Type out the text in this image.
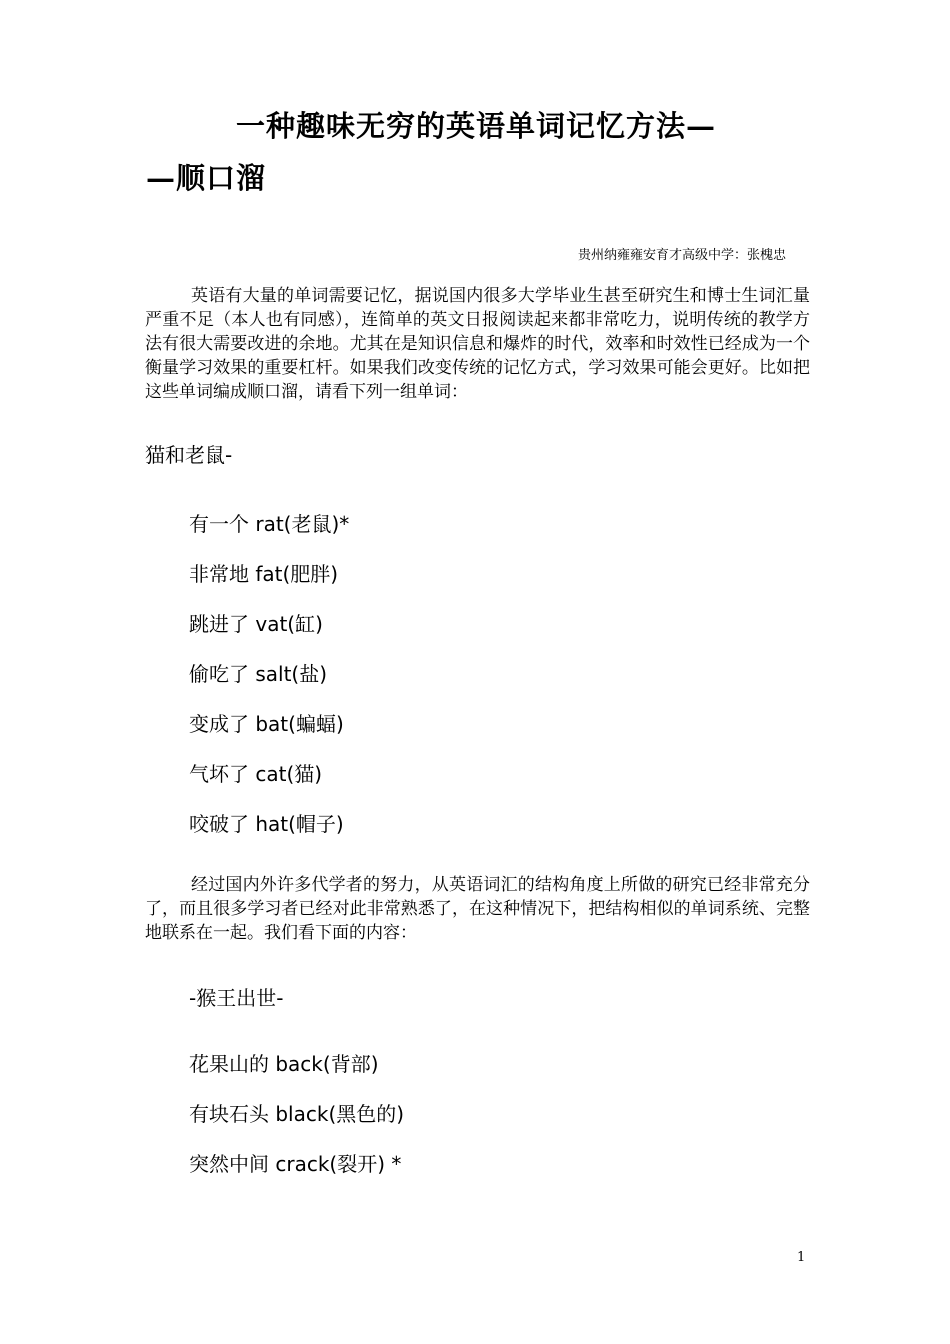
一种趣味无穷的英语单词记忆方法—
—顺口溜
贵州纳雍雍安育才高级中学：张槐忠

英语有大量的单词需要记忆，据说国内很多大学毕业生甚至研究生和博士生词汇量严重不足（本人也有同感），连简单的英文日报阅读起来都非常吃力，说明传统的教学方法有很大需要改进的余地。尤其在是知识信息和爆炸的时代，效率和时效性已经成为一个衡量学习效果的重要杠杆。如果我们改变传统的记忆方式，学习效果可能会更好。比如把这些单词编成顺口溜，请看下列一组单词：

猫和老鼠-
有一个 rat(老鼠)*
非常地 fat(肥胖)
跳进了 vat(缸)
偷吃了 salt(盐)
变成了 bat(蝙蝠)
气坏了 cat(猫)
咬破了 hat(帽子)

经过国内外许多代学者的努力，从英语词汇的结构角度上所做的研究已经非常充分了，而且很多学习者已经对此非常熟悉了，在这种情况下，把结构相似的单词系统、完整地联系在一起。我们看下面的内容：

-猴王出世-
花果山的 back(背部)
有块石头 black(黑色的)
突然中间 crack(裂开) *
1
